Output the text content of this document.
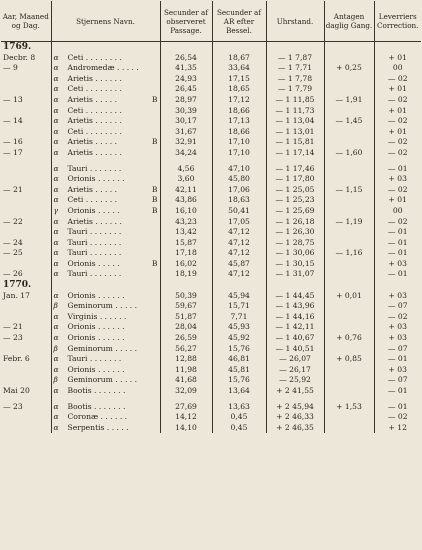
Aar, Maaned og Dag.	Stjernens Navn.	Secunder af observeret Passage.	Secunder af AR efter Bessel.	Uhrstand.	Antagen daglig Gang.	Leverriers Correction.
1769.						
Decbr. 8	α Ceti . . . . . . . .	26,54	18,67	— 1 7,87		+ 01
— 9	α Andromedæ . . . . .	41,35	33,64	— 1 7,71	+ 0,25	00

	α Arietis . . . . . .	24,93	17,15	— 1 7,78		— 02

	α Ceti . . . . . . . .	26,45	18,65	— 1 7,79		+ 01
— 13	α Arietis . . . . . B	28,97	17,12	— 1 11,85	— 1,91	— 02

	α Ceti . . . . . . . .	30,39	18,66	— 1 11,73		+ 01
— 14	α Arietis . . . . . .	30,17	17,13	— 1 13,04	— 1,45	— 02

	α Ceti . . . . . . . .	31,67	18,66	— 1 13,01		+ 01
— 16	α Arietis . . . . . B	32,91	17,10	— 1 15,81		— 02
— 17	α Arietis . . . . . .	34,24	17,10	— 1 17,14	— 1,60	— 02

	α Tauri . . . . . . .	4,56	47,10	— 1 17,46		— 01

	α Orionis . . . . . .	3,60	45,80	— 1 17,80		+ 03
— 21	α Arietis . . . . . B	42,11	17,06	— 1 25,05	— 1,15	— 02

	α Ceti . . . . . . . B	43,86	18,63	— 1 25,23		+ 01

	γ Orionis . . . . . B	16,10	50,41	— 1 25,69		00
— 22	α Arietis . . . . . .	43,23	17,05	— 1 26,18	— 1,19	— 02

	α Tauri . . . . . . .	13,42	47,12	— 1 26,30		— 01
— 24	α Tauri . . . . . . .	15,87	47,12	— 1 28,75		— 01
— 25	α Tauri . . . . . . .	17,18	47,12	— 1 30,06	— 1,16	— 01

	α Orionis . . . . . B	16,02	45,87	— 1 30,15		+ 03
— 26	α Tauri . . . . . . .	18,19	47,12	— 1 31,07		— 01
1770.						
Jan. 17	α Orionis . . . . . .	50,39	45,94	— 1 44,45	+ 0,01	+ 03

	β Geminorum . . . . .	59,67	15,71	— 1 43,96		— 07

	α Virginis . . . . . .	51,87	7,71	— 1 44,16		— 02
— 21	α Orionis . . . . . .	28,04	45,93	— 1 42,11		+ 03
— 23	α Orionis . . . . . .	26,59	45,92	— 1 40,67	+ 0,76	+ 03

	β Geminorum . . . . .	56,27	15,76	— 1 40,51		— 07
Febr. 6	α Tauri . . . . . . .	12,88	46,81	— 26,07	+ 0,85	— 01

	α Orionis . . . . . .	11,98	45,81	— 26,17		+ 03

	β Geminorum . . . . .	41,68	15,76	— 25,92		— 07
Mai 20	α Bootis . . . . . . .	32,09	13,64	+ 2 41,55		— 01

— 23	α Bootis . . . . . . .	27,69	13,63	+ 2 45,94	+ 1,53	— 01

	α Coronæ . . . . . .	14,12	0,45	+ 2 46,33		— 02

	α Serpentis . . . . .	14,10	0,45	+ 2 46,35		+ 12
